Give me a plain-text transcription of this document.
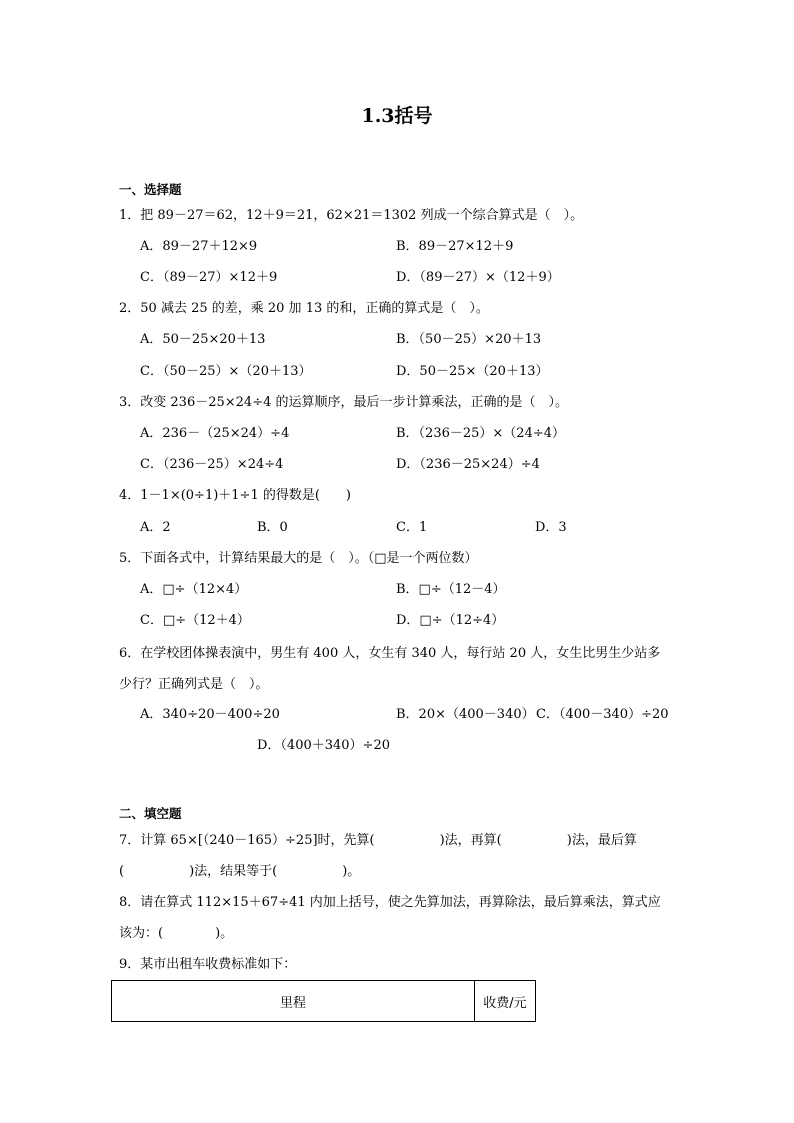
1.3括号
一、选择题
1．把 89－27＝62，12＋9＝21，62×21＝1302 列成一个综合算式是（　）。
A．89－27＋12×9	B．89－27×12＋9
C．（89－27）×12＋9	D．（89－27）×（12＋9）
2．50 减去 25 的差，乘 20 加 13 的和，正确的算式是（　）。
A．50－25×20＋13	B．（50－25）×20＋13
C．（50－25）×（20＋13）	D．50－25×（20＋13）
3．改变 236－25×24÷4 的运算顺序，最后一步计算乘法，正确的是（　）。
A．236－（25×24）÷4	B．（236－25）×（24÷4）
C．（236－25）×24÷4	D．（236－25×24）÷4
4．1－1×(0÷1)＋1÷1 的得数是(　　)
A．2	B．0	C．1	D．3
5．下面各式中，计算结果最大的是（　）。（□是一个两位数）
A．□÷（12×4）	B．□÷（12－4）
C．□÷（12＋4）	D．□÷（12÷4）
6．在学校团体操表演中，男生有 400 人，女生有 340 人，每行站 20 人，女生比男生少站多
少行？正确列式是（　）。
A．340÷20－400÷20	B．20×（400－340） C．（400－340）÷20
D．（400＋340）÷20
二、填空题
7．计算 65×[（240－165）÷25]时，先算(　　　　　)法，再算(　　　　　)法，最后算
(　　　　　)法，结果等于(　　　　　)。
8．请在算式 112×15＋67÷41 内加上括号，使之先算加法，再算除法，最后算乘法，算式应
该为：(　　　　)。
9．某市出租车收费标准如下：
里程	收费/元
